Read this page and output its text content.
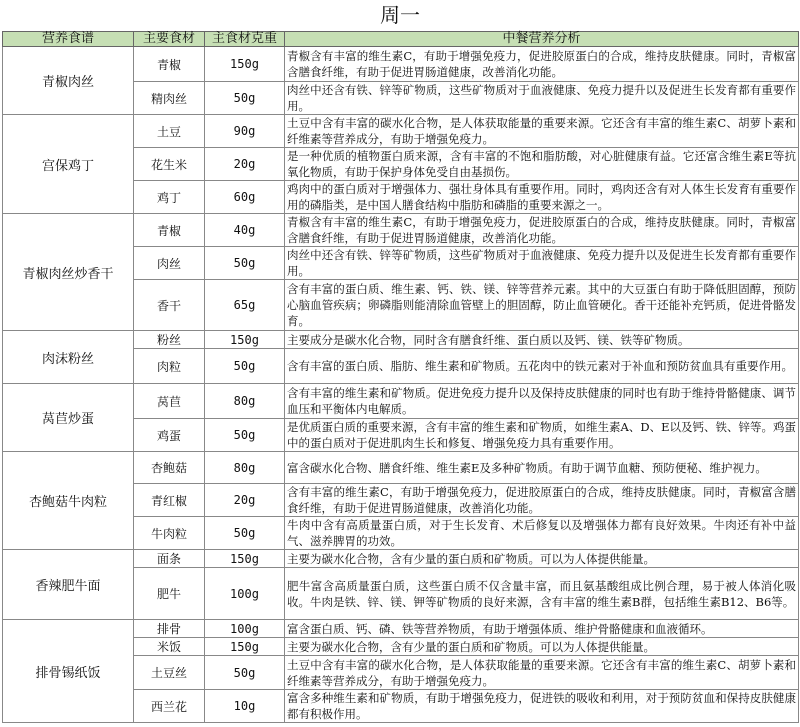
周一
营养食谱	主要食材	主食材克重	中餐营养分析
青椒肉丝	青椒	150g	青椒含有丰富的维生素C，有助于增强免疫力，促进胶原蛋白的合成，维持皮肤健康。同时，青椒富含膳食纤维，有助于促进胃肠道健康，改善消化功能。
	精肉丝	50g	肉丝中还含有铁、锌等矿物质，这些矿物质对于血液健康、免疫力提升以及促进生长发育都有重要作用。
宫保鸡丁	土豆	90g	土豆中含有丰富的碳水化合物，是人体获取能量的重要来源。它还含有丰富的维生素C、胡萝卜素和纤维素等营养成分，有助于增强免疫力。
	花生米	20g	是一种优质的植物蛋白质来源，含有丰富的不饱和脂肪酸，对心脏健康有益。它还富含维生素E等抗氧化物质，有助于保护身体免受自由基损伤。
	鸡丁	60g	鸡肉中的蛋白质对于增强体力、强壮身体具有重要作用。同时，鸡肉还含有对人体生长发育有重要作用的磷脂类，是中国人膳食结构中脂肪和磷脂的重要来源之一。
青椒肉丝炒香干	青椒	40g	青椒含有丰富的维生素C，有助于增强免疫力，促进胶原蛋白的合成，维持皮肤健康。同时，青椒富含膳食纤维，有助于促进胃肠道健康，改善消化功能。
	肉丝	50g	肉丝中还含有铁、锌等矿物质，这些矿物质对于血液健康、免疫力提升以及促进生长发育都有重要作用。
	香干	65g	含有丰富的蛋白质、维生素、钙、铁、镁、锌等营养元素。其中的大豆蛋白有助于降低胆固醇，预防心脑血管疾病；卵磷脂则能清除血管壁上的胆固醇，防止血管硬化。香干还能补充钙质，促进骨骼发育。
肉沫粉丝	粉丝	150g	主要成分是碳水化合物，同时含有膳食纤维、蛋白质以及钙、镁、铁等矿物质。
	肉粒	50g	含有丰富的蛋白质、脂肪、维生素和矿物质。五花肉中的铁元素对于补血和预防贫血具有重要作用。
莴苣炒蛋	莴苣	80g	含有丰富的维生素和矿物质。促进免疫力提升以及保持皮肤健康的同时也有助于维持骨骼健康、调节血压和平衡体内电解质。
	鸡蛋	50g	是优质蛋白质的重要来源，含有丰富的维生素和矿物质，如维生素A、D、E以及钙、铁、锌等。鸡蛋中的蛋白质对于促进肌肉生长和修复、增强免疫力具有重要作用。
杏鲍菇牛肉粒	杏鲍菇	80g	富含碳水化合物、膳食纤维、维生素E及多种矿物质。有助于调节血糖、预防便秘、维护视力。
	青红椒	20g	含有丰富的维生素C，有助于增强免疫力，促进胶原蛋白的合成，维持皮肤健康。同时，青椒富含膳食纤维，有助于促进胃肠道健康，改善消化功能。
	牛肉粒	50g	牛肉中含有高质量蛋白质，对于生长发育、术后修复以及增强体力都有良好效果。牛肉还有补中益气、滋养脾胃的功效。
香辣肥牛面	面条	150g	主要为碳水化合物，含有少量的蛋白质和矿物质。可以为人体提供能量。
	肥牛	100g	肥牛富含高质量蛋白质，这些蛋白质不仅含量丰富，而且氨基酸组成比例合理，易于被人体消化吸收。牛肉是铁、锌、镁、钾等矿物质的良好来源，含有丰富的维生素B群，包括维生素B12、B6等。
排骨锡纸饭	排骨	100g	富含蛋白质、钙、磷、铁等营养物质，有助于增强体质、维护骨骼健康和血液循环。
	米饭	150g	主要为碳水化合物，含有少量的蛋白质和矿物质。可以为人体提供能量。
	土豆丝	50g	土豆中含有丰富的碳水化合物，是人体获取能量的重要来源。它还含有丰富的维生素C、胡萝卜素和纤维素等营养成分，有助于增强免疫力。
	西兰花	10g	富含多种维生素和矿物质，有助于增强免疫力，促进铁的吸收和利用，对于预防贫血和保持皮肤健康都有积极作用。
